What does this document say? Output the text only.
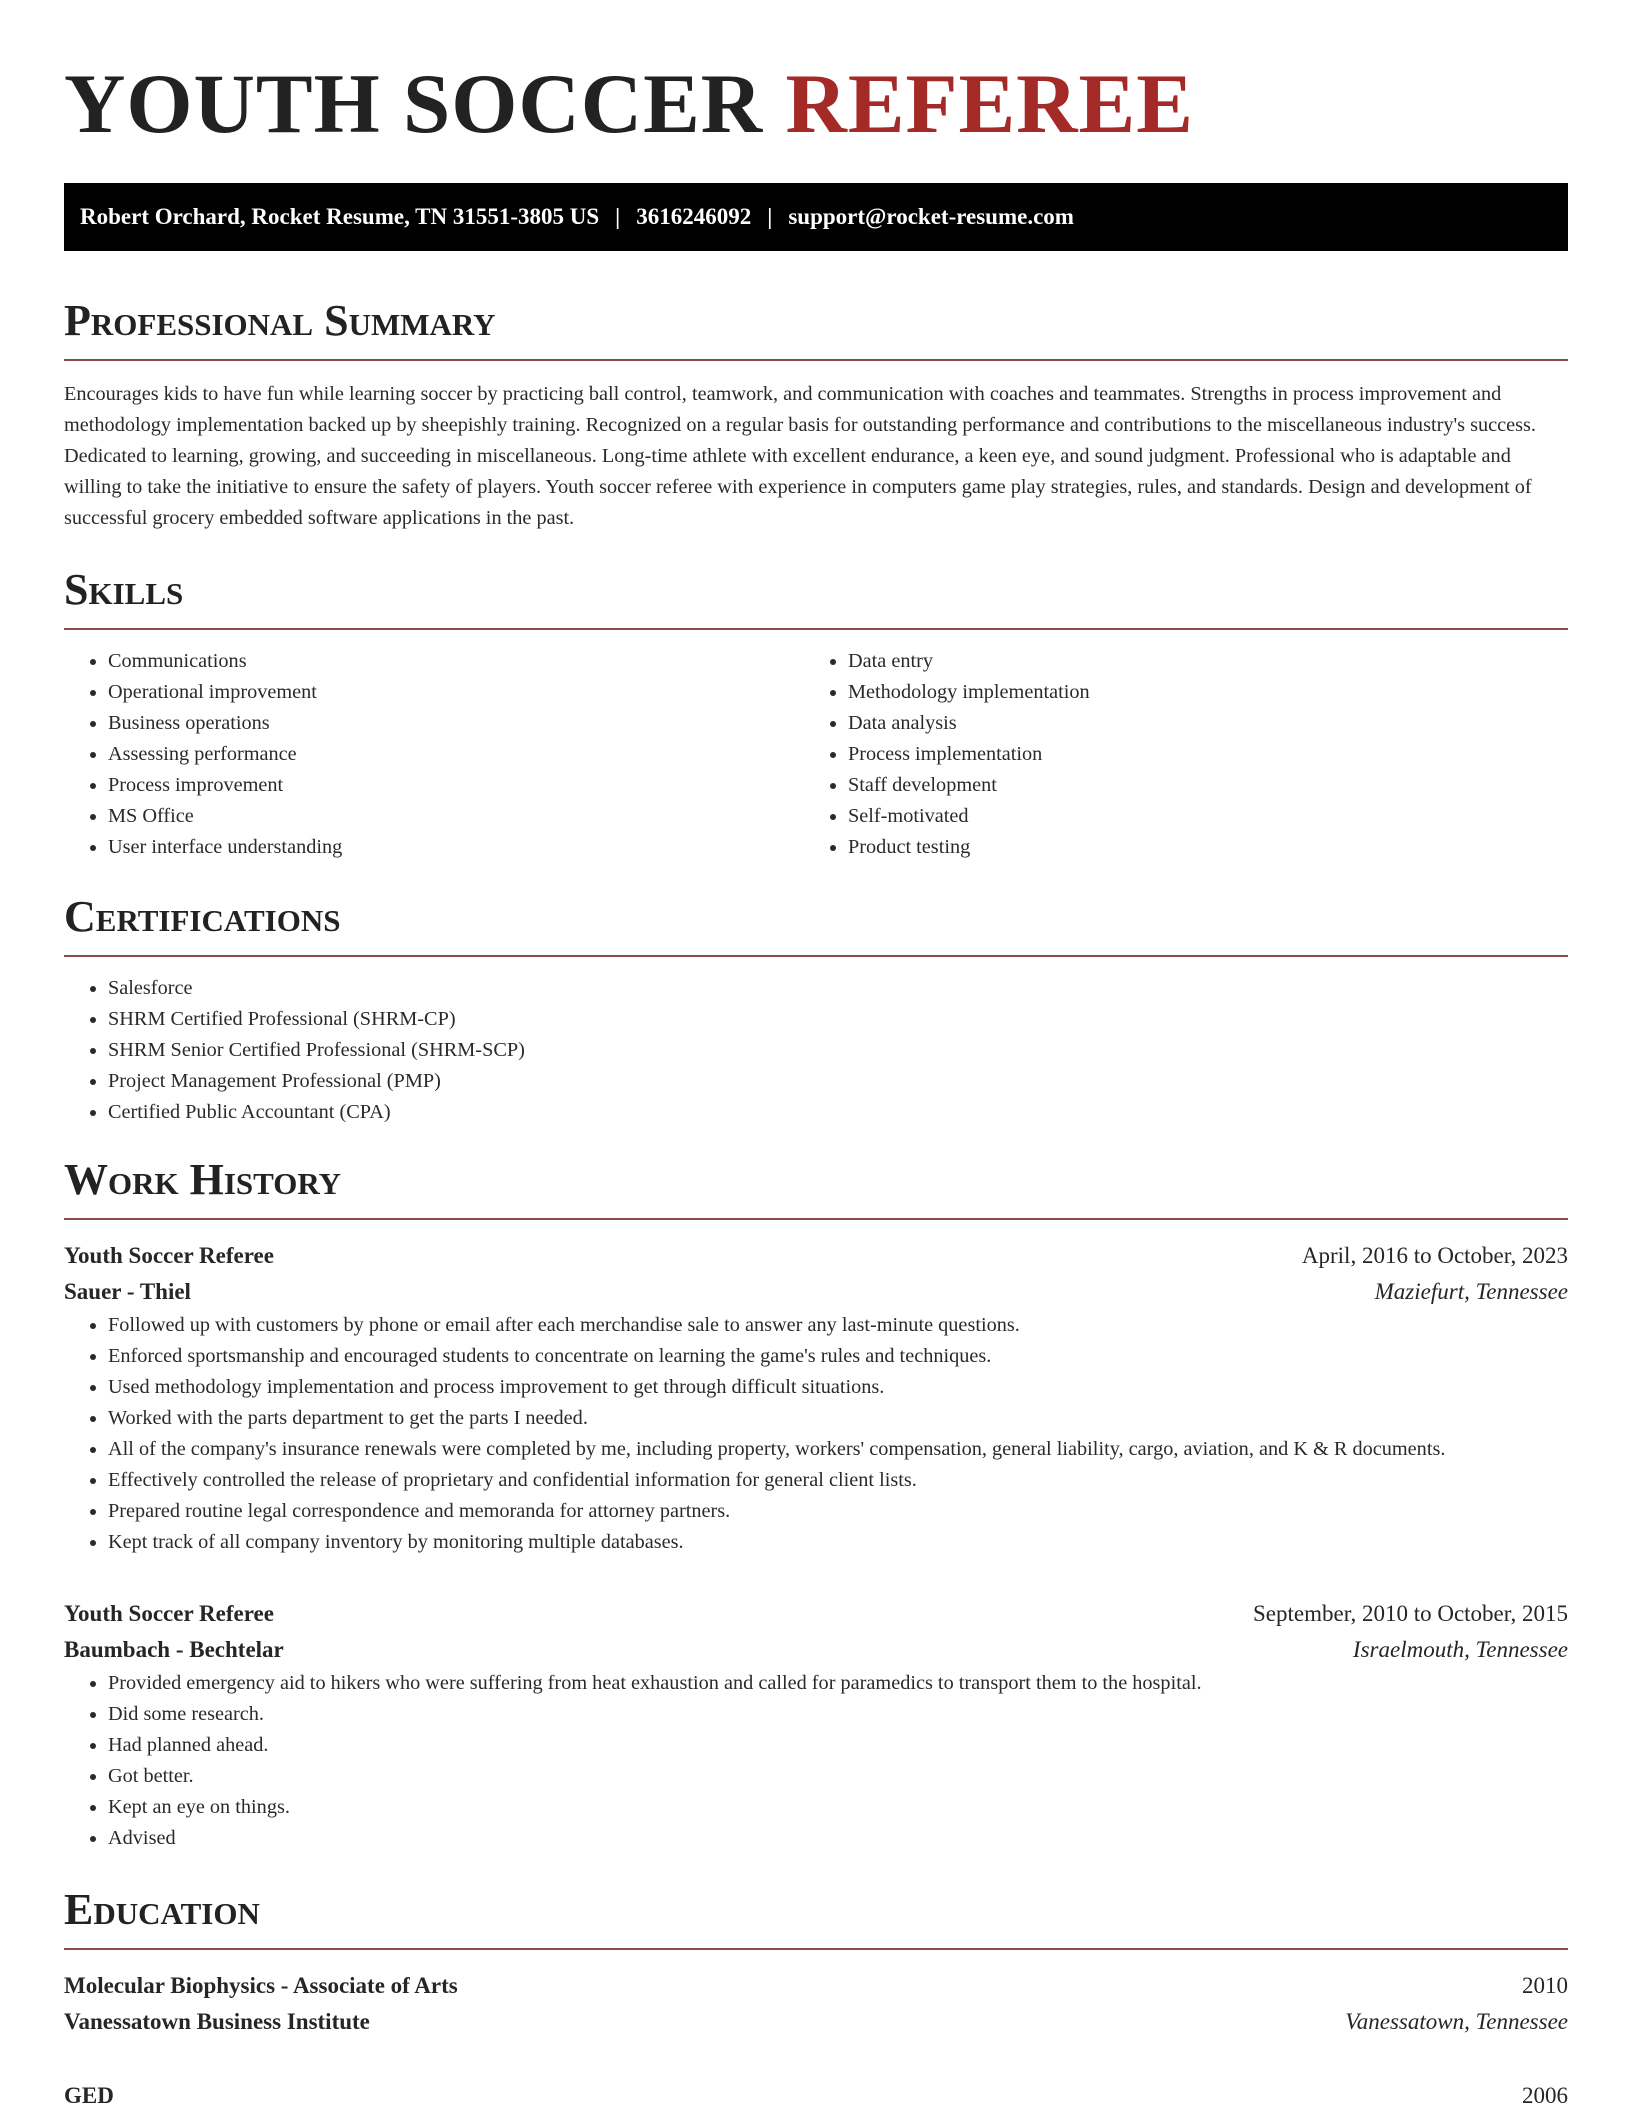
YOUTH SOCCER REFEREE
Robert Orchard, Rocket Resume, TN 31551-3805 US | 3616246092 | support@rocket-resume.com
Professional Summary

Encourages kids to have fun while learning soccer by practicing ball control, teamwork, and communication with coaches and teammates. Strengths in process improvement and methodology implementation backed up by sheepishly training. Recognized on a regular basis for outstanding performance and contributions to the miscellaneous industry's success. Dedicated to learning, growing, and succeeding in miscellaneous. Long-time athlete with excellent endurance, a keen eye, and sound judgment. Professional who is adaptable and willing to take the initiative to ensure the safety of players. Youth soccer referee with experience in computers game play strategies, rules, and standards. Design and development of successful grocery embedded software applications in the past.

Skills
• Communications
• Operational improvement
• Business operations
• Assessing performance
• Process improvement
• MS Office
• User interface understanding
• Data entry
• Methodology implementation
• Data analysis
• Process implementation
• Staff development
• Self-motivated
• Product testing
Certifications
• Salesforce
• SHRM Certified Professional (SHRM-CP)
• SHRM Senior Certified Professional (SHRM-SCP)
• Project Management Professional (PMP)
• Certified Public Accountant (CPA)
Work History
Youth Soccer Referee	April, 2016 to October, 2023
Sauer - Thiel	Maziefurt, Tennessee
• Followed up with customers by phone or email after each merchandise sale to answer any last-minute questions.
• Enforced sportsmanship and encouraged students to concentrate on learning the game's rules and techniques.
• Used methodology implementation and process improvement to get through difficult situations.
• Worked with the parts department to get the parts I needed.
• All of the company's insurance renewals were completed by me, including property, workers' compensation, general liability, cargo, aviation, and K & R documents.
• Effectively controlled the release of proprietary and confidential information for general client lists.
• Prepared routine legal correspondence and memoranda for attorney partners.
• Kept track of all company inventory by monitoring multiple databases.
Youth Soccer Referee	September, 2010 to October, 2015
Baumbach - Bechtelar	Israelmouth, Tennessee
• Provided emergency aid to hikers who were suffering from heat exhaustion and called for paramedics to transport them to the hospital.
• Did some research.
• Had planned ahead.
• Got better.
• Kept an eye on things.
• Advised
Education
Molecular Biophysics - Associate of Arts	2010
Vanessatown Business Institute	Vanessatown, Tennessee
GED	2006
